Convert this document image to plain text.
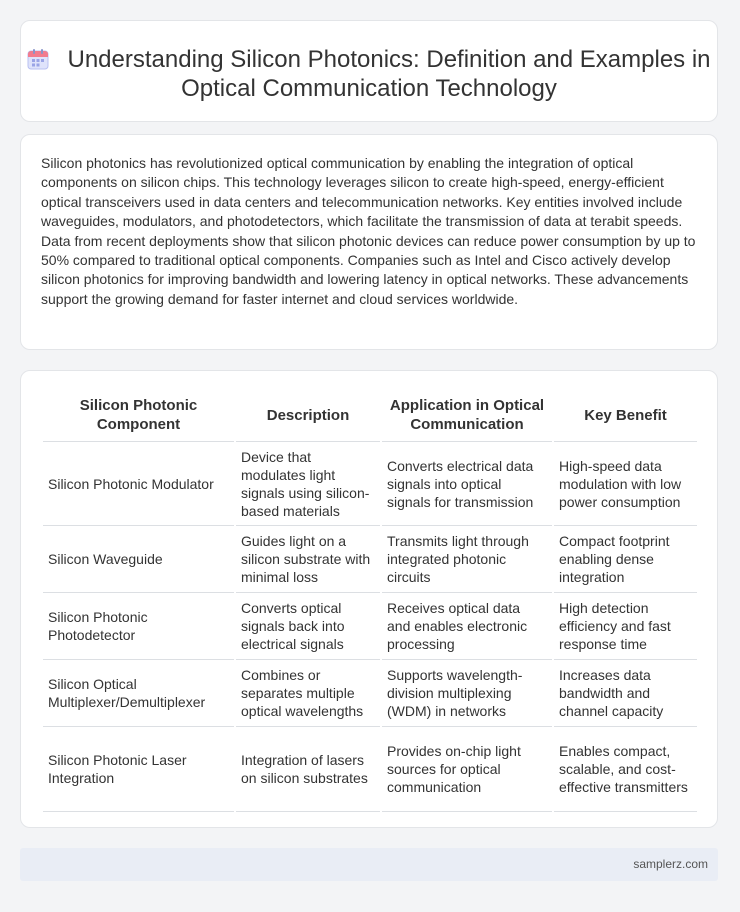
Understanding Silicon Photonics: Definition and Examples in Optical Communication Technology

Silicon photonics has revolutionized optical communication by enabling the integration of optical components on silicon chips. This technology leverages silicon to create high-speed, energy-efficient optical transceivers used in data centers and telecommunication networks. Key entities involved include waveguides, modulators, and photodetectors, which facilitate the transmission of data at terabit speeds. Data from recent deployments show that silicon photonic devices can reduce power consumption by up to 50% compared to traditional optical components. Companies such as Intel and Cisco actively develop silicon photonics for improving bandwidth and lowering latency in optical networks. These advancements support the growing demand for faster internet and cloud services worldwide.

Silicon Photonic Component	Description	Application in Optical Communication	Key Benefit
Silicon Photonic Modulator	Device that modulates light signals using silicon-based materials	Converts electrical data signals into optical signals for transmission	High-speed data modulation with low power consumption
Silicon Waveguide	Guides light on a silicon substrate with minimal loss	Transmits light through integrated photonic circuits	Compact footprint enabling dense integration
Silicon Photonic Photodetector	Converts optical signals back into electrical signals	Receives optical data and enables electronic processing	High detection efficiency and fast response time
Silicon Optical Multiplexer/Demultiplexer	Combines or separates multiple optical wavelengths	Supports wavelength-division multiplexing (WDM) in networks	Increases data bandwidth and channel capacity
Silicon Photonic Laser Integration	Integration of lasers on silicon substrates	Provides on-chip light sources for optical communication	Enables compact, scalable, and cost-effective transmitters
samplerz.com
